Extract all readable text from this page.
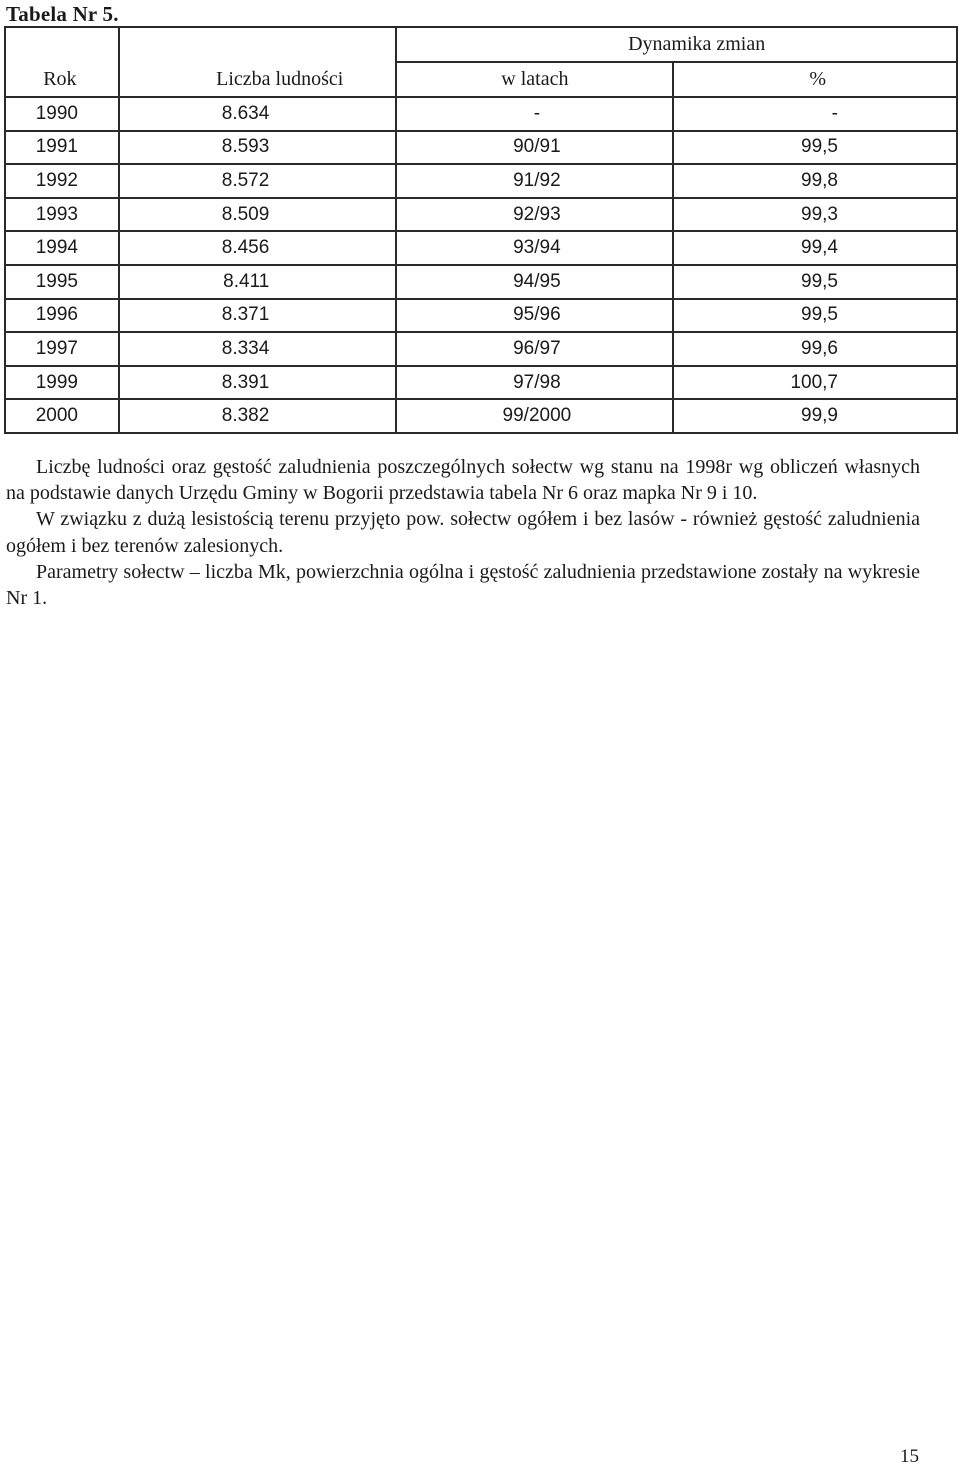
Tabela Nr 5.
		Dynamika zmian	
Rok	Liczba ludności	w latach	%
1990	8.634	-	-
1991	8.593	90/91	99,5
1992	8.572	91/92	99,8
1993	8.509	92/93	99,3
1994	8.456	93/94	99,4
1995	8.411	94/95	99,5
1996	8.371	95/96	99,5
1997	8.334	96/97	99,6
1999	8.391	97/98	100,7
2000	8.382	99/2000	99,9

Liczbę ludności oraz gęstość zaludnienia poszczególnych sołectw wg stanu na 1998r wg obliczeń własnych na podstawie danych Urzędu Gminy w Bogorii przedstawia tabela Nr 6 oraz mapka Nr 9 i 10.

W związku z dużą lesistością terenu przyjęto pow. sołectw ogółem i bez lasów - również gęstość zaludnienia ogółem i bez terenów zalesionych.

Parametry sołectw – liczba Mk, powierzchnia ogólna i gęstość zaludnienia przedstawione zostały na wykresie Nr 1.

15
